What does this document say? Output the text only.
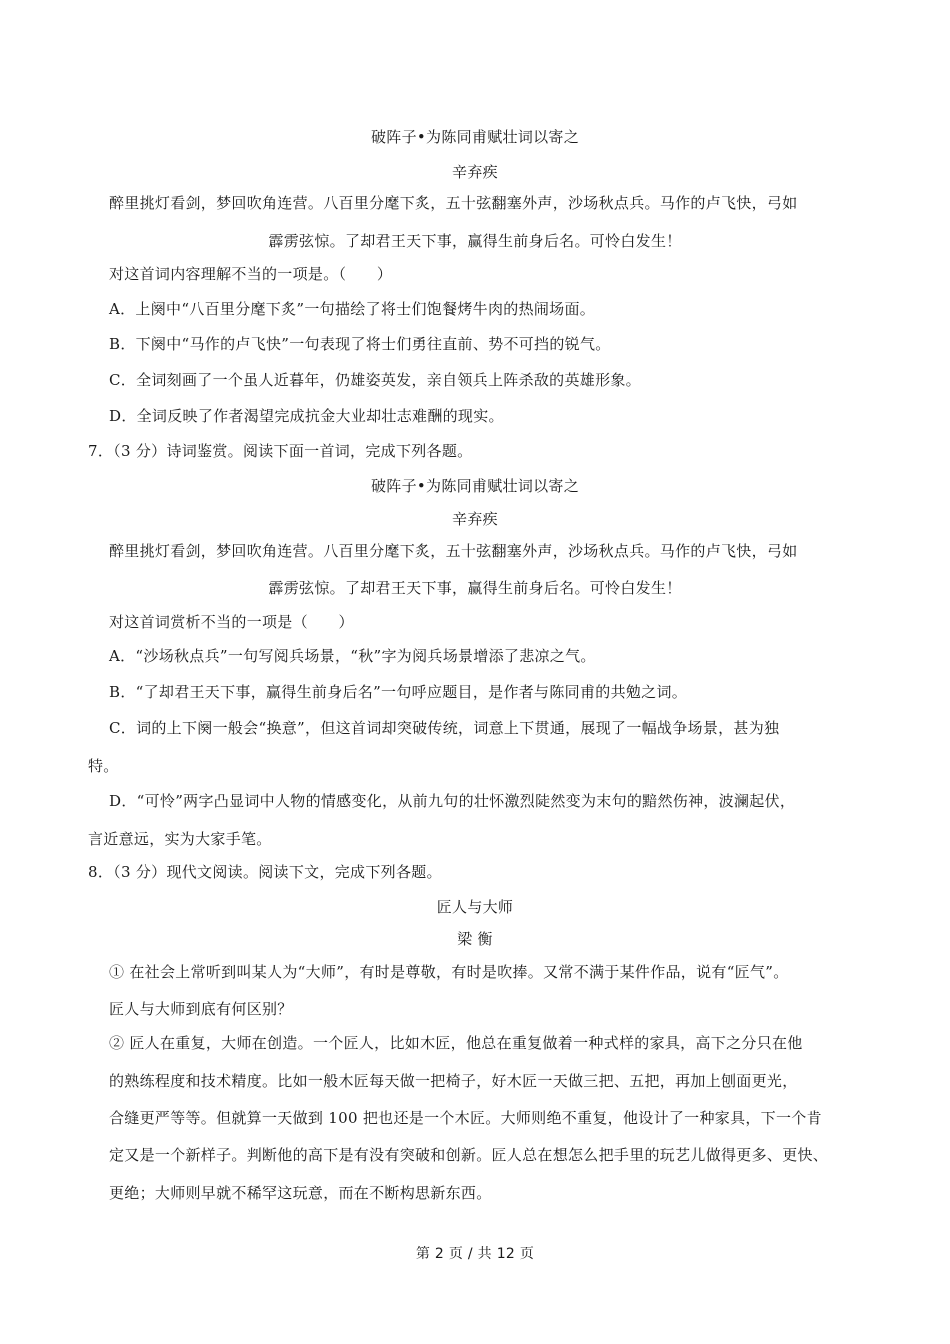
破阵子•为陈同甫赋壮词以寄之
辛弃疾
醉里挑灯看剑，梦回吹角连营。八百里分麾下炙，五十弦翻塞外声，沙场秋点兵。马作的卢飞快，弓如
霹雳弦惊。了却君王天下事，赢得生前身后名。可怜白发生！
对这首词内容理解不当的一项是。（　　）
A．上阕中“八百里分麾下炙”一句描绘了将士们饱餐烤牛肉的热闹场面。
B．下阕中“马作的卢飞快”一句表现了将士们勇往直前、势不可挡的锐气。
C．全词刻画了一个虽人近暮年，仍雄姿英发，亲自领兵上阵杀敌的英雄形象。
D．全词反映了作者渴望完成抗金大业却壮志难酬的现实。
7．（3 分）诗词鉴赏。阅读下面一首词，完成下列各题。
破阵子•为陈同甫赋壮词以寄之
辛弃疾
醉里挑灯看剑，梦回吹角连营。八百里分麾下炙，五十弦翻塞外声，沙场秋点兵。马作的卢飞快，弓如
霹雳弦惊。了却君王天下事，赢得生前身后名。可怜白发生！
对这首词赏析不当的一项是（　　）
A．“沙场秋点兵”一句写阅兵场景，“秋”字为阅兵场景增添了悲凉之气。
B．“了却君王天下事，赢得生前身后名”一句呼应题目，是作者与陈同甫的共勉之词。
C．词的上下阕一般会“换意”，但这首词却突破传统，词意上下贯通，展现了一幅战争场景，甚为独
特。
D．“可怜”两字凸显词中人物的情感变化，从前九句的壮怀激烈陡然变为末句的黯然伤神，波澜起伏，
言近意远，实为大家手笔。
8．（3 分）现代文阅读。阅读下文，完成下列各题。
匠人与大师
梁 衡
① 在社会上常听到叫某人为“大师”，有时是尊敬，有时是吹捧。又常不满于某件作品，说有“匠气”。
匠人与大师到底有何区别？
② 匠人在重复，大师在创造。一个匠人，比如木匠，他总在重复做着一种式样的家具，高下之分只在他
的熟练程度和技术精度。比如一般木匠每天做一把椅子，好木匠一天做三把、五把，再加上刨面更光，
合缝更严等等。但就算一天做到 100 把也还是一个木匠。大师则绝不重复，他设计了一种家具，下一个肯
定又是一个新样子。判断他的高下是有没有突破和创新。匠人总在想怎么把手里的玩艺儿做得更多、更快、
更绝；大师则早就不稀罕这玩意，而在不断构思新东西。
第 2 页 / 共 12 页
